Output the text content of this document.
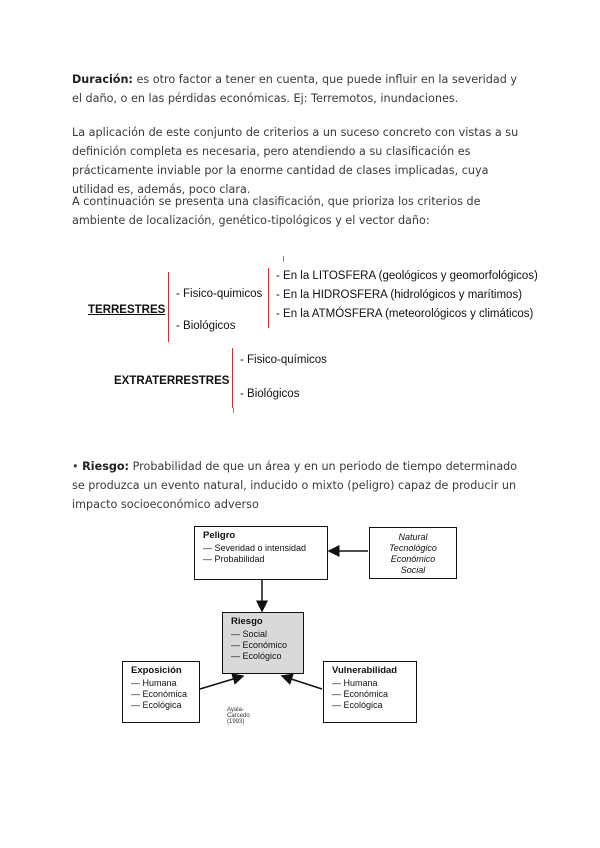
Duración: es otro factor a tener en cuenta, que puede influir en la severidad y el daño, o en las pérdidas económicas. Ej: Terremotos, inundaciones.

La aplicación de este conjunto de criterios a un suceso concreto con vistas a su definición completa es necesaria, pero atendiendo a su clasificación es prácticamente inviable por la enorme cantidad de clases implicadas, cuya utilidad es, además, poco clara.

A continuación se presenta una clasificación, que prioriza los criterios de ambiente de localización, genético-tipológicos y el vector daño:

TERRESTRES
- Fisico-quimicos
- Biológicos
- En la LITOSFERA (geológicos y geomorfológicos)
- En la HIDROSFERA (hidrológicos y marítimos)
- En la ATMÓSFERA (meteorológicos y climáticos)
EXTRATERRESTRES
- Fisico-químicos
- Biológicos

• Riesgo: Probabilidad de que un área y en un periodo de tiempo determinado se produzca un evento natural, inducido o mixto (peligro) capaz de producir un impacto socioeconómico adverso

Peligro
— Severidad o intensidad
— Probabilidad
Natural
Tecnológico
Económico
Social
Riesgo
— Social
— Económico
— Ecológico
Exposición
— Humana
— Económica
— Ecológica
Vulnerabilidad
— Humana
— Económica
— Ecológica
Ayala-Carcedo (1993)
